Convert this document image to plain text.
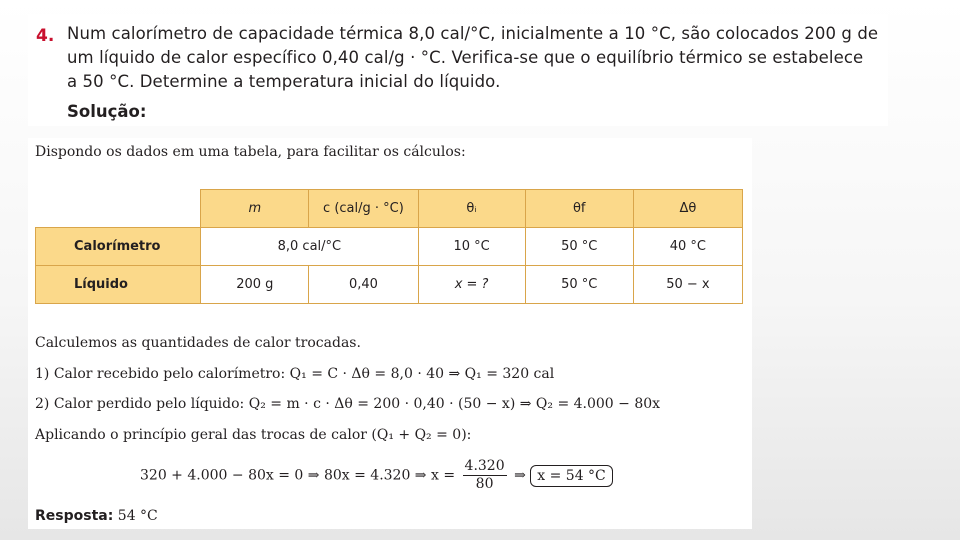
4. Num calorímetro de capacidade térmica 8,0 cal/°C, inicialmente a 10 °C, são colocados 200 g de
um líquido de calor específico 0,40 cal/g · °C. Verifica-se que o equilíbrio térmico se estabelece
a 50 °C. Determine a temperatura inicial do líquido.
Solução:
Dispondo os dados em uma tabela, para facilitar os cálculos:
	m	c (cal/g · °C)	θᵢ	θf	Δθ
Calorímetro	8,0 cal/°C		10 °C	50 °C	40 °C
Líquido	200 g	0,40	x = ?	50 °C	50 − x
Calculemos as quantidades de calor trocadas.
1) Calor recebido pelo calorímetro: Q₁ = C · Δθ = 8,0 · 40 ⇒ Q₁ = 320 cal
2) Calor perdido pelo líquido: Q₂ = m · c · Δθ = 200 · 0,40 · (50 − x) ⇒ Q₂ = 4.000 − 80x
Aplicando o princípio geral das trocas de calor (Q₁ + Q₂ = 0):
320 + 4.000 − 80x = 0 ⇒ 80x = 4.320 ⇒ $x = \frac{4.320}{80}$ ⇒ x = 54 °C
Resposta: 54 °C
